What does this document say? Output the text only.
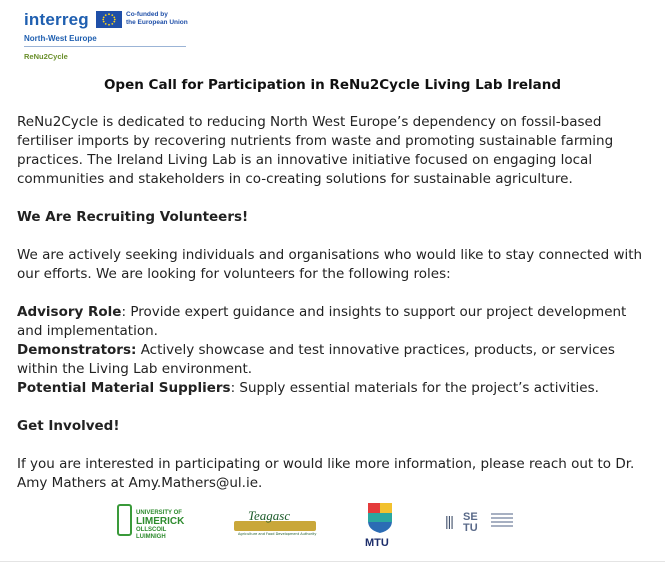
interreg	Co-funded by
the European Union
North-West Europe
ReNu2Cycle
Open Call for Participation in ReNu2Cycle Living Lab Ireland

ReNu2Cycle is dedicated to reducing North West Europe’s dependency on fossil-based fertiliser imports by recovering nutrients from waste and promoting sustainable farming practices. The Ireland Living Lab is an innovative initiative focused on engaging local communities and stakeholders in co-creating solutions for sustainable agriculture.

We Are Recruiting Volunteers!

We are actively seeking individuals and organisations who would like to stay connected with our efforts. We are looking for volunteers for the following roles:

Advisory Role: Provide expert guidance and insights to support our project development and implementation.

Demonstrators: Actively showcase and test innovative practices, products, or services within the Living Lab environment.

Potential Material Suppliers: Supply essential materials for the project’s activities.

Get Involved!

If you are interested in participating or would like more information, please reach out to Dr. Amy Mathers at Amy.Mathers@ul.ie.

UNIVERSITY OF
LIMERICK
OLLSCOIL LUIMNIGH
Teagasc
Agriculture and Food Development Authority
MTU
||| SE
TU
